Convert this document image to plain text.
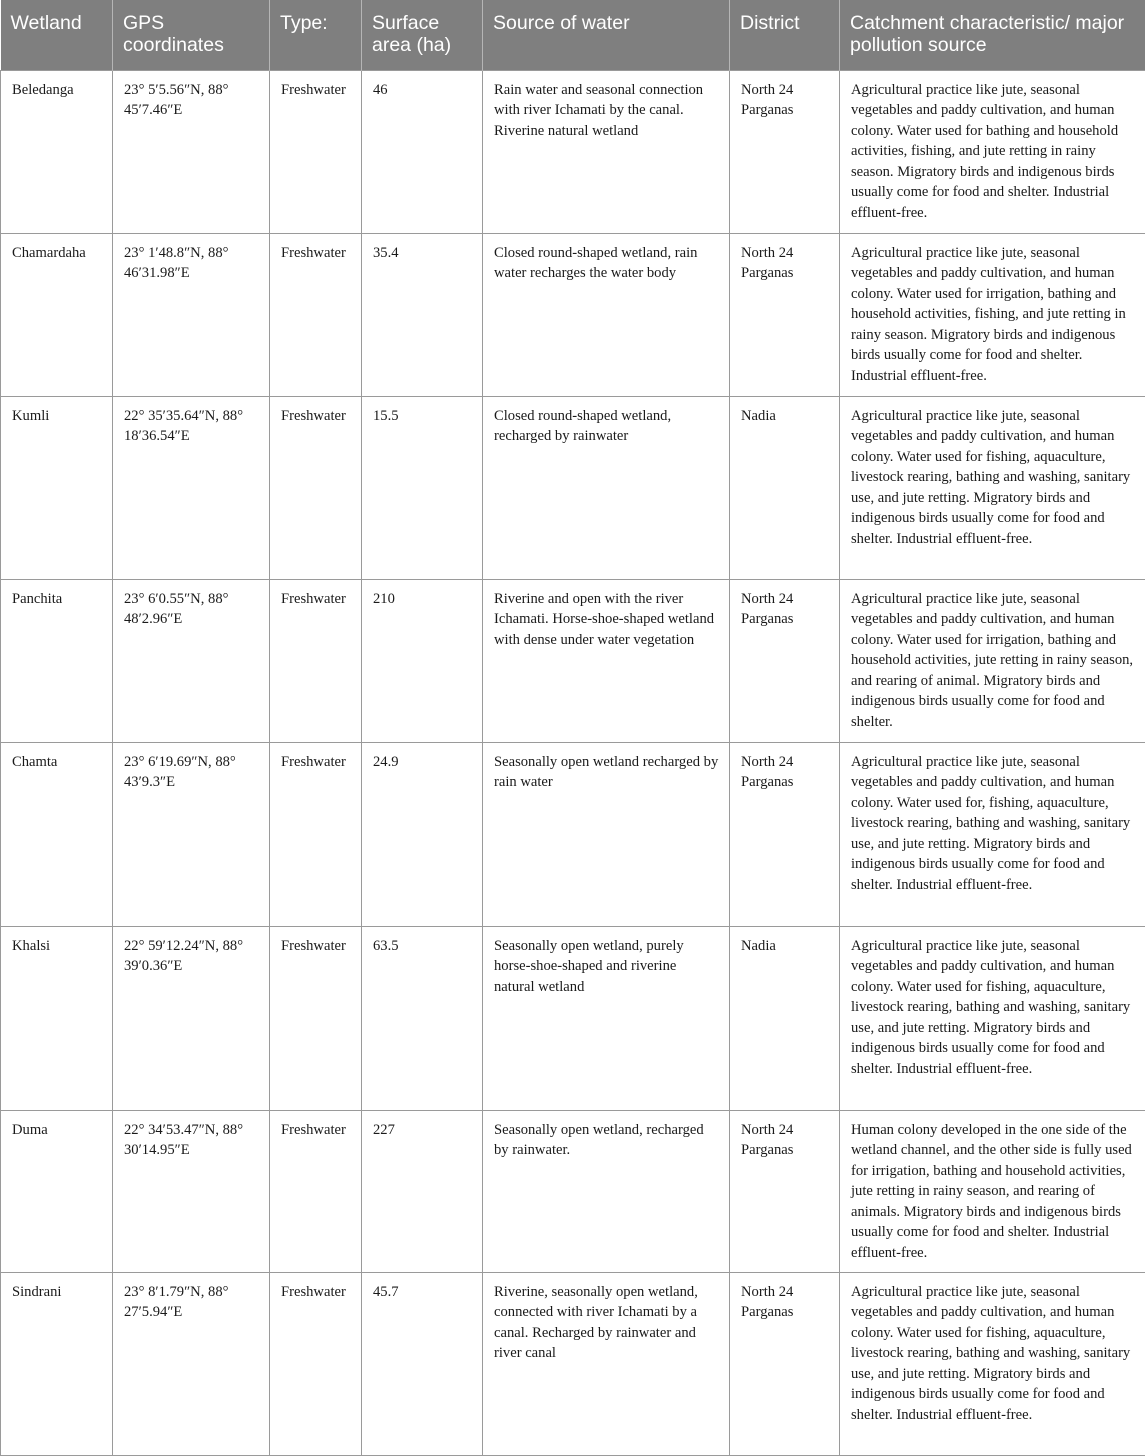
Wetland	GPS coordinates	Type:	Surface area (ha)	Source of water	District	Catchment characteristic/ major pollution source
Beledanga	23° 5′5.56″N, 88° 45′7.46″E	Freshwater	46	Rain water and seasonal connection with river Ichamati by the canal. Riverine natural wetland	North 24 Parganas	Agricultural practice like jute, seasonal vegetables and paddy cultivation, and human colony. Water used for bathing and household activities, fishing, and jute retting in rainy season. Migratory birds and indigenous birds usually come for food and shelter. Industrial effluent-free.
Chamardaha	23° 1′48.8″N, 88° 46′31.98″E	Freshwater	35.4	Closed round-shaped wetland, rain water recharges the water body	North 24 Parganas	Agricultural practice like jute, seasonal vegetables and paddy cultivation, and human colony. Water used for irrigation, bathing and household activities, fishing, and jute retting in rainy season. Migratory birds and indigenous birds usually come for food and shelter. Industrial effluent-free.
Kumli	22° 35′35.64″N, 88° 18′36.54″E	Freshwater	15.5	Closed round-shaped wetland, recharged by rainwater	Nadia	Agricultural practice like jute, seasonal vegetables and paddy cultivation, and human colony. Water used for fishing, aquaculture, livestock rearing, bathing and washing, sanitary use, and jute retting. Migratory birds and indigenous birds usually come for food and shelter. Industrial effluent-free.
Panchita	23° 6′0.55″N, 88° 48′2.96″E	Freshwater	210	Riverine and open with the river Ichamati. Horse-shoe-shaped wetland with dense under water vegetation	North 24 Parganas	Agricultural practice like jute, seasonal vegetables and paddy cultivation, and human colony. Water used for irrigation, bathing and household activities, jute retting in rainy season, and rearing of animal. Migratory birds and indigenous birds usually come for food and shelter.
Chamta	23° 6′19.69″N, 88° 43′9.3″E	Freshwater	24.9	Seasonally open wetland recharged by rain water	North 24 Parganas	Agricultural practice like jute, seasonal vegetables and paddy cultivation, and human colony. Water used for, fishing, aquaculture, livestock rearing, bathing and washing, sanitary use, and jute retting. Migratory birds and indigenous birds usually come for food and shelter. Industrial effluent-free.
Khalsi	22° 59′12.24″N, 88° 39′0.36″E	Freshwater	63.5	Seasonally open wetland, purely horse-shoe-shaped and riverine natural wetland	Nadia	Agricultural practice like jute, seasonal vegetables and paddy cultivation, and human colony. Water used for fishing, aquaculture, livestock rearing, bathing and washing, sanitary use, and jute retting. Migratory birds and indigenous birds usually come for food and shelter. Industrial effluent-free.
Duma	22° 34′53.47″N, 88° 30′14.95″E	Freshwater	227	Seasonally open wetland, recharged by rainwater.	North 24 Parganas	Human colony developed in the one side of the wetland channel, and the other side is fully used for irrigation, bathing and household activities, jute retting in rainy season, and rearing of animals. Migratory birds and indigenous birds usually come for food and shelter. Industrial effluent-free.
Sindrani	23° 8′1.79″N, 88° 27′5.94″E	Freshwater	45.7	Riverine, seasonally open wetland, connected with river Ichamati by a canal. Recharged by rainwater and river canal	North 24 Parganas	Agricultural practice like jute, seasonal vegetables and paddy cultivation, and human colony. Water used for fishing, aquaculture, livestock rearing, bathing and washing, sanitary use, and jute retting. Migratory birds and indigenous birds usually come for food and shelter. Industrial effluent-free.
